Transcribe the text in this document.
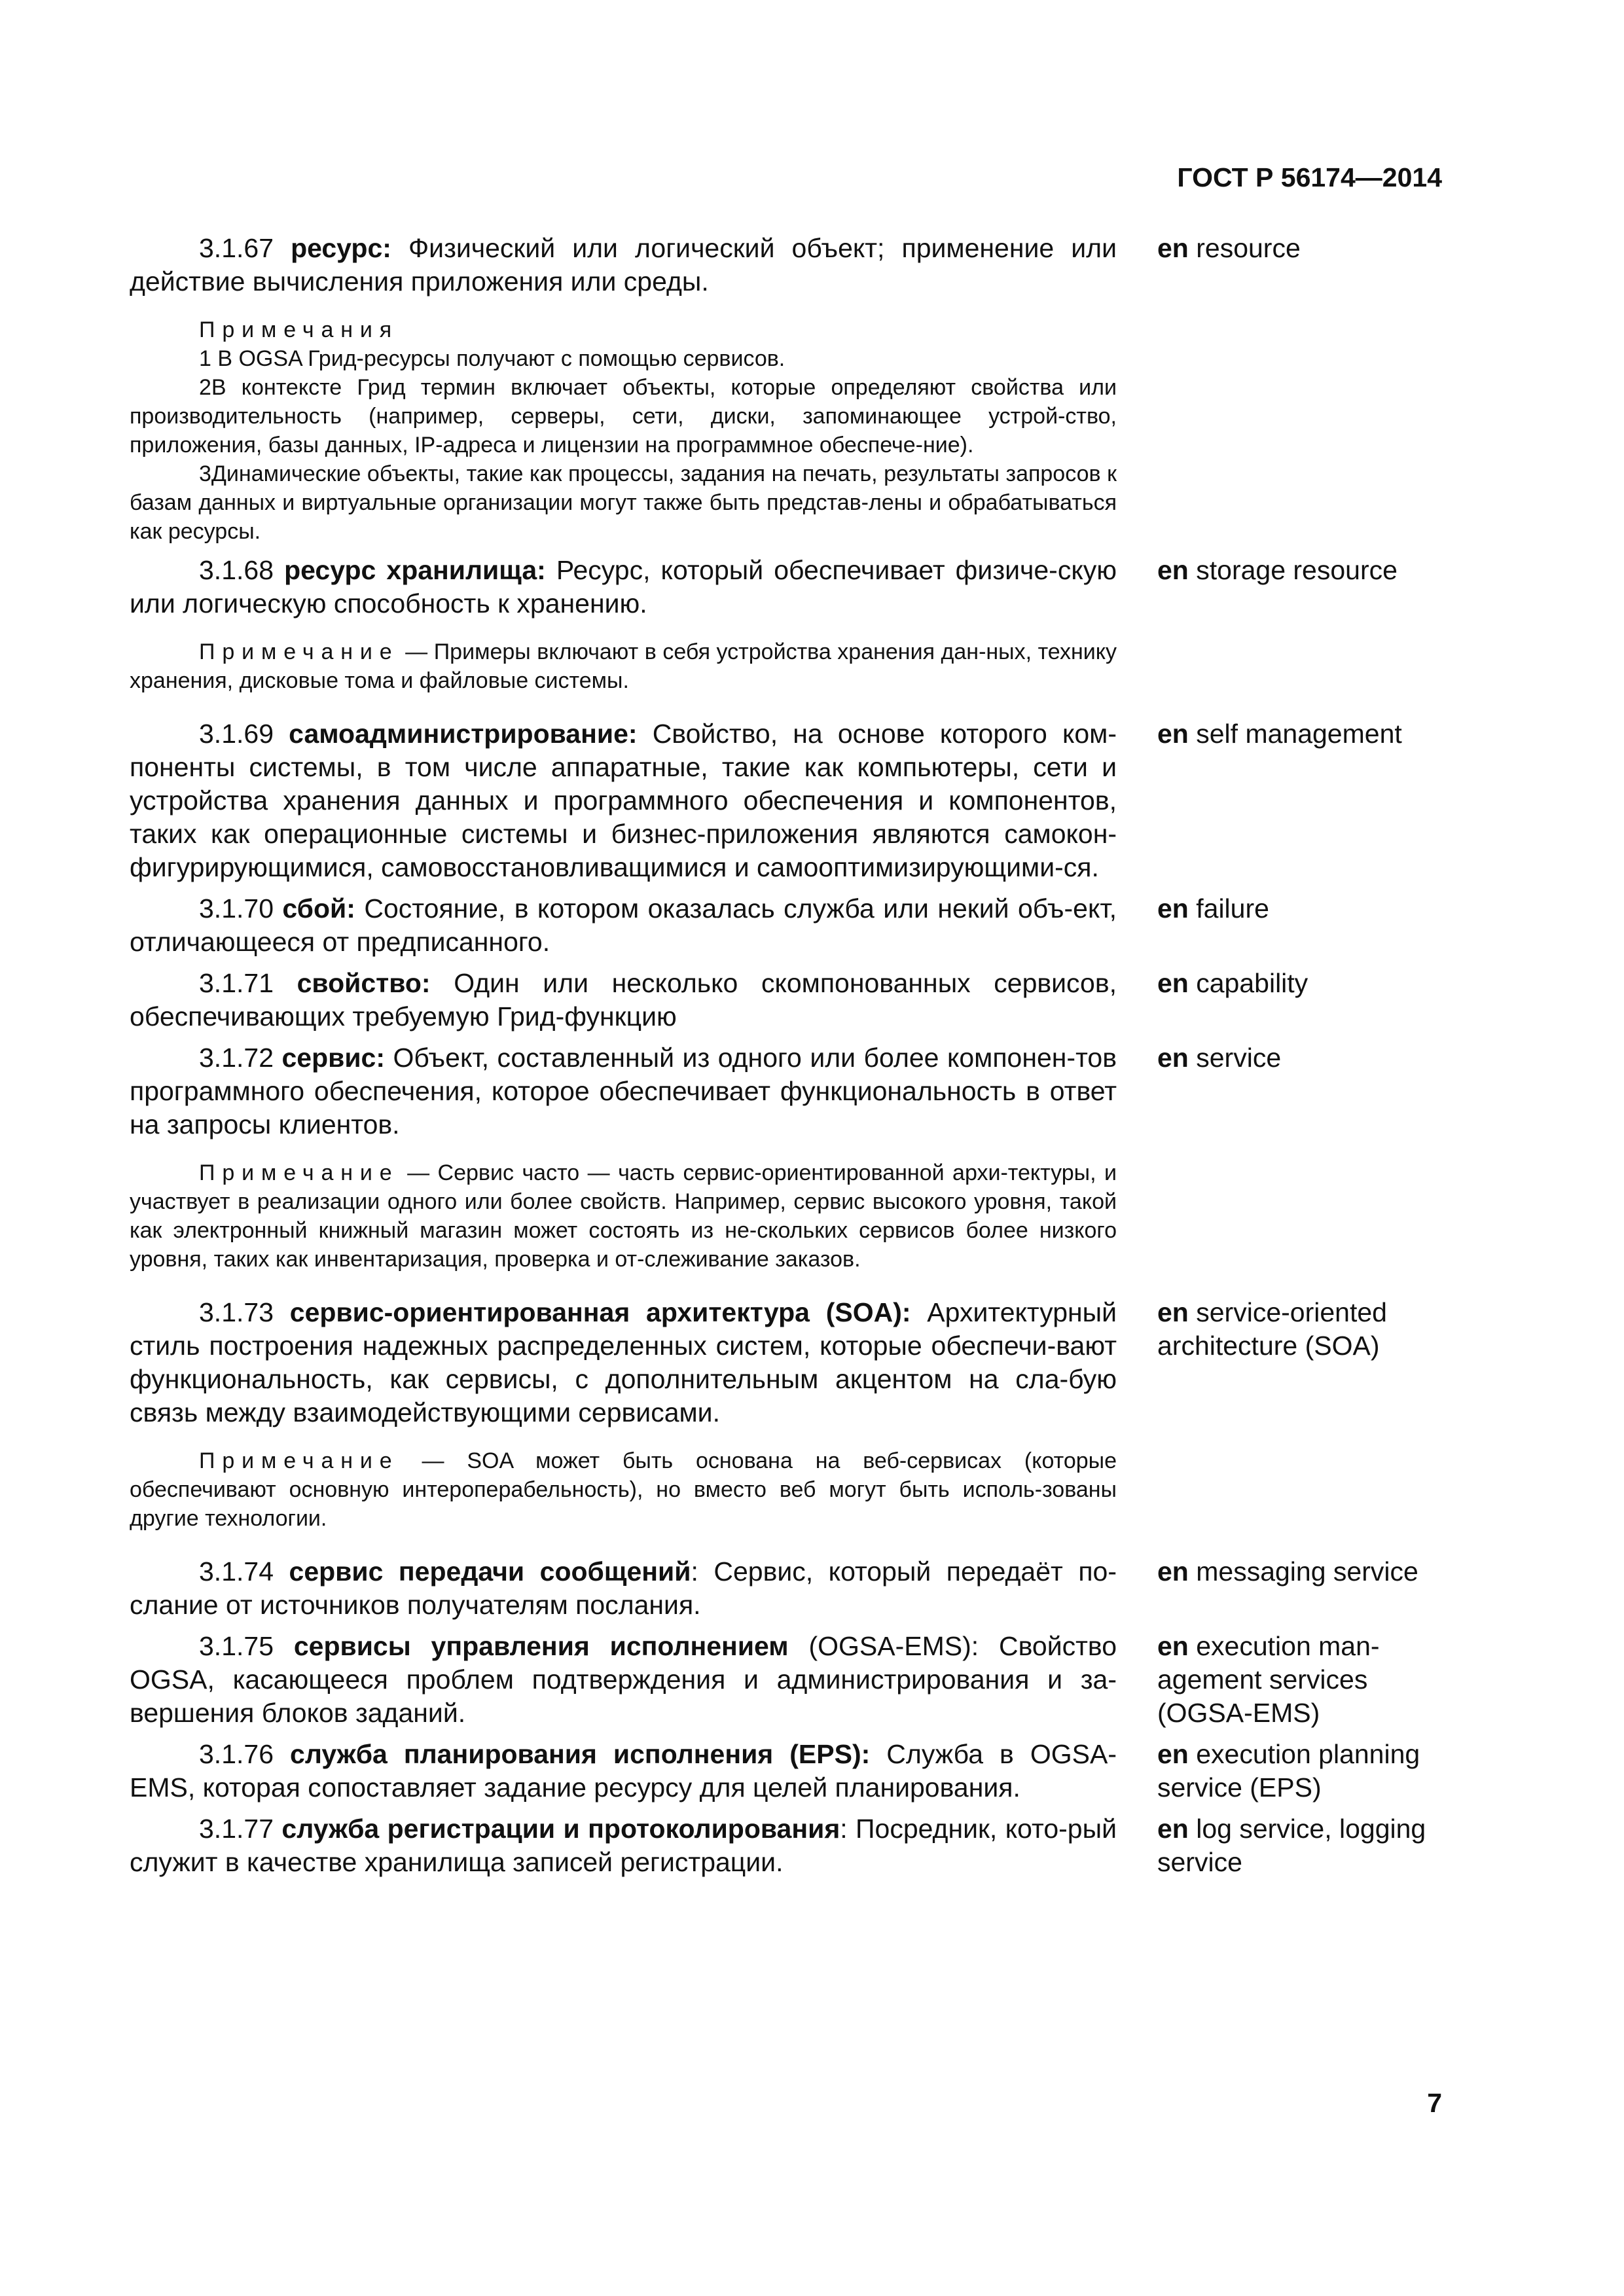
ГОСТ Р 56174—2014
3.1.67 ресурс: Физический или логический объект; применение или действие вычисления приложения или среды.
Примечания
1 В OGSA Грид-ресурсы получают с помощью сервисов.
2В контексте Грид термин включает объекты, которые определяют свойства или производительность (например, серверы, сети, диски, запоминающее устрой-ство, приложения, базы данных, IP-адреса и лицензии на программное обеспече-ние).
3Динамические объекты, такие как процессы, задания на печать, результаты запросов к базам данных и виртуальные организации могут также быть представ-лены и обрабатываться как ресурсы.
en resource
3.1.68 ресурс хранилища: Ресурс, который обеспечивает физиче-скую или логическую способность к хранению.
Примечание — Примеры включают в себя устройства хранения дан-ных, технику хранения, дисковые тома и файловые системы.
en storage resource
3.1.69 самоадминистрирование: Свойство, на основе которого ком-поненты системы, в том числе аппаратные, такие как компьютеры, сети и устройства хранения данных и программного обеспечения и компонентов, таких как операционные системы и бизнес-приложения являются самокон-фигурирующимися, самовосстановливащимися и самооптимизирующими-ся.
en self management
3.1.70 сбой: Состояние, в котором оказалась служба или некий объ-ект, отличающееся от предписанного.
en failure
3.1.71 свойство: Один или несколько скомпонованных сервисов, обеспечивающих требуемую Грид-функцию
en capability
3.1.72 сервис: Объект, составленный из одного или более компонен-тов программного обеспечения, которое обеспечивает функциональность в ответ на запросы клиентов.
Примечание — Сервис часто — часть сервис-ориентированной архи-тектуры, и участвует в реализации одного или более свойств. Например, сервис высокого уровня, такой как электронный книжный магазин может состоять из не-скольких сервисов более низкого уровня, таких как инвентаризация, проверка и от-слеживание заказов.
en service
3.1.73 сервис-ориентированная архитектура (SOA): Архитектурный стиль построения надежных распределенных систем, которые обеспечи-вают функциональность, как сервисы, с дополнительным акцентом на сла-бую связь между взаимодействующими сервисами.
Примечание — SOA может быть основана на веб-сервисах (которые обеспечивают основную интероперабельность), но вместо веб могут быть исполь-зованы другие технологии.
en service-oriented architecture (SOA)
3.1.74 сервис передачи сообщений: Сервис, который передаёт по-слание от источников получателям послания.
en messaging service
3.1.75 сервисы управления исполнением (OGSA-EMS): Свойство OGSA, касающееся проблем подтверждения и администрирования и за-вершения блоков заданий.
en execution man-agement services (OGSA-EMS)
3.1.76 служба планирования исполнения (EPS): Служба в OGSA-EMS, которая сопоставляет задание ресурсу для целей планирования.
en execution planning service (EPS)
3.1.77 служба регистрации и протоколирования: Посредник, кото-рый служит в качестве хранилища записей регистрации.
en log service, logging service
7
